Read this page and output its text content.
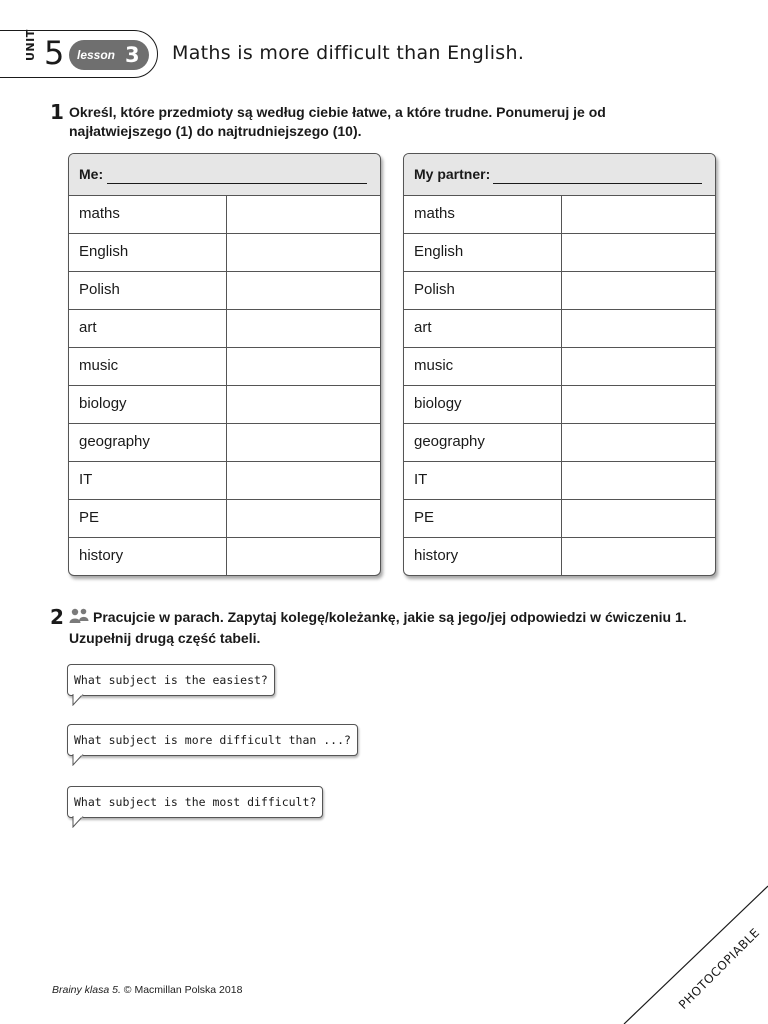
UNIT 5 lesson 3 Maths is more difficult than English.
1 Określ, które przedmioty są według ciebie łatwe, a które trudne. Ponumeruj je od
najłatwiejszego (1) do najtrudniejszego (10).
Me:
maths
English
Polish
art
music
biology
geography
IT
PE
history
My partner:
maths
English
Polish
art
music
biology
geography
IT
PE
history
2	Pracujcie w parach. Zapytaj kolegę/koleżankę, jakie są jego/jej odpowiedzi w ćwiczeniu 1.
Uzupełnij drugą część tabeli.
What subject is the easiest?
What subject is more difficult than ...?
What subject is the most difficult?
Brainy klasa 5. © Macmillan Polska 2018	PHOTOCOPIABLE
